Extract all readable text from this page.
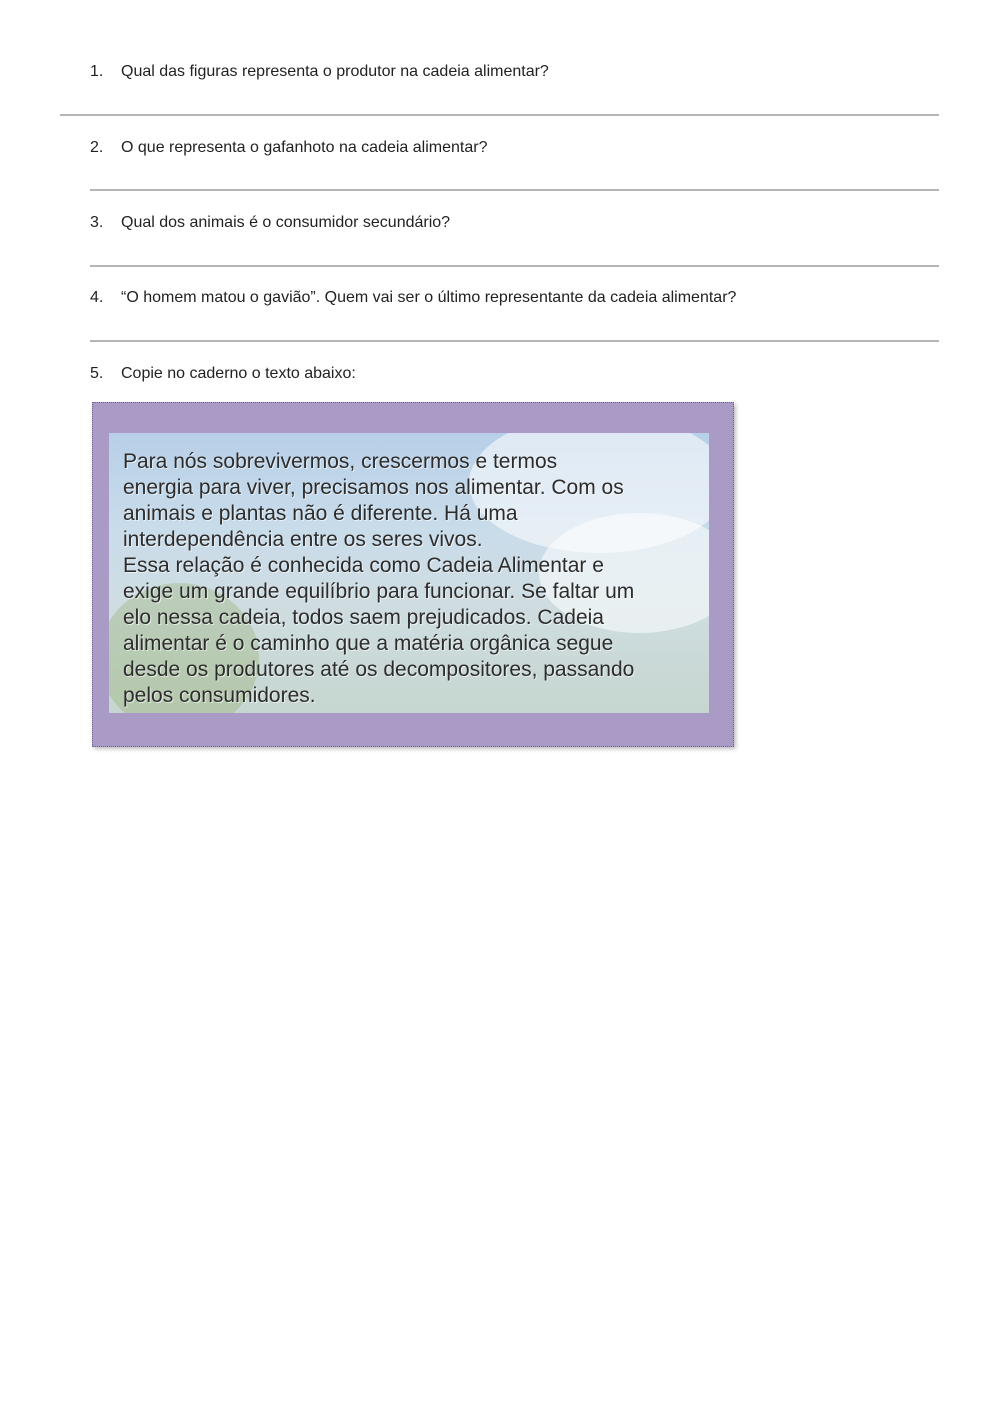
1. Qual das figuras representa o produtor na cadeia alimentar?
2. O que representa o gafanhoto na cadeia alimentar?
3. Qual dos animais é o consumidor secundário?
4. “O homem matou o gavião”. Quem vai ser o último representante da cadeia alimentar?
5. Copie no caderno o texto abaixo:

Para nós sobrevivermos, crescermos e termos
energia para viver, precisamos nos alimentar. Com os
animais e plantas não é diferente. Há uma
interdependência entre os seres vivos.
Essa relação é conhecida como Cadeia Alimentar e
exige um grande equilíbrio para funcionar. Se faltar um
elo nessa cadeia, todos saem prejudicados. Cadeia
alimentar é o caminho que a matéria orgânica segue
desde os produtores até os decompositores, passando
pelos consumidores.
